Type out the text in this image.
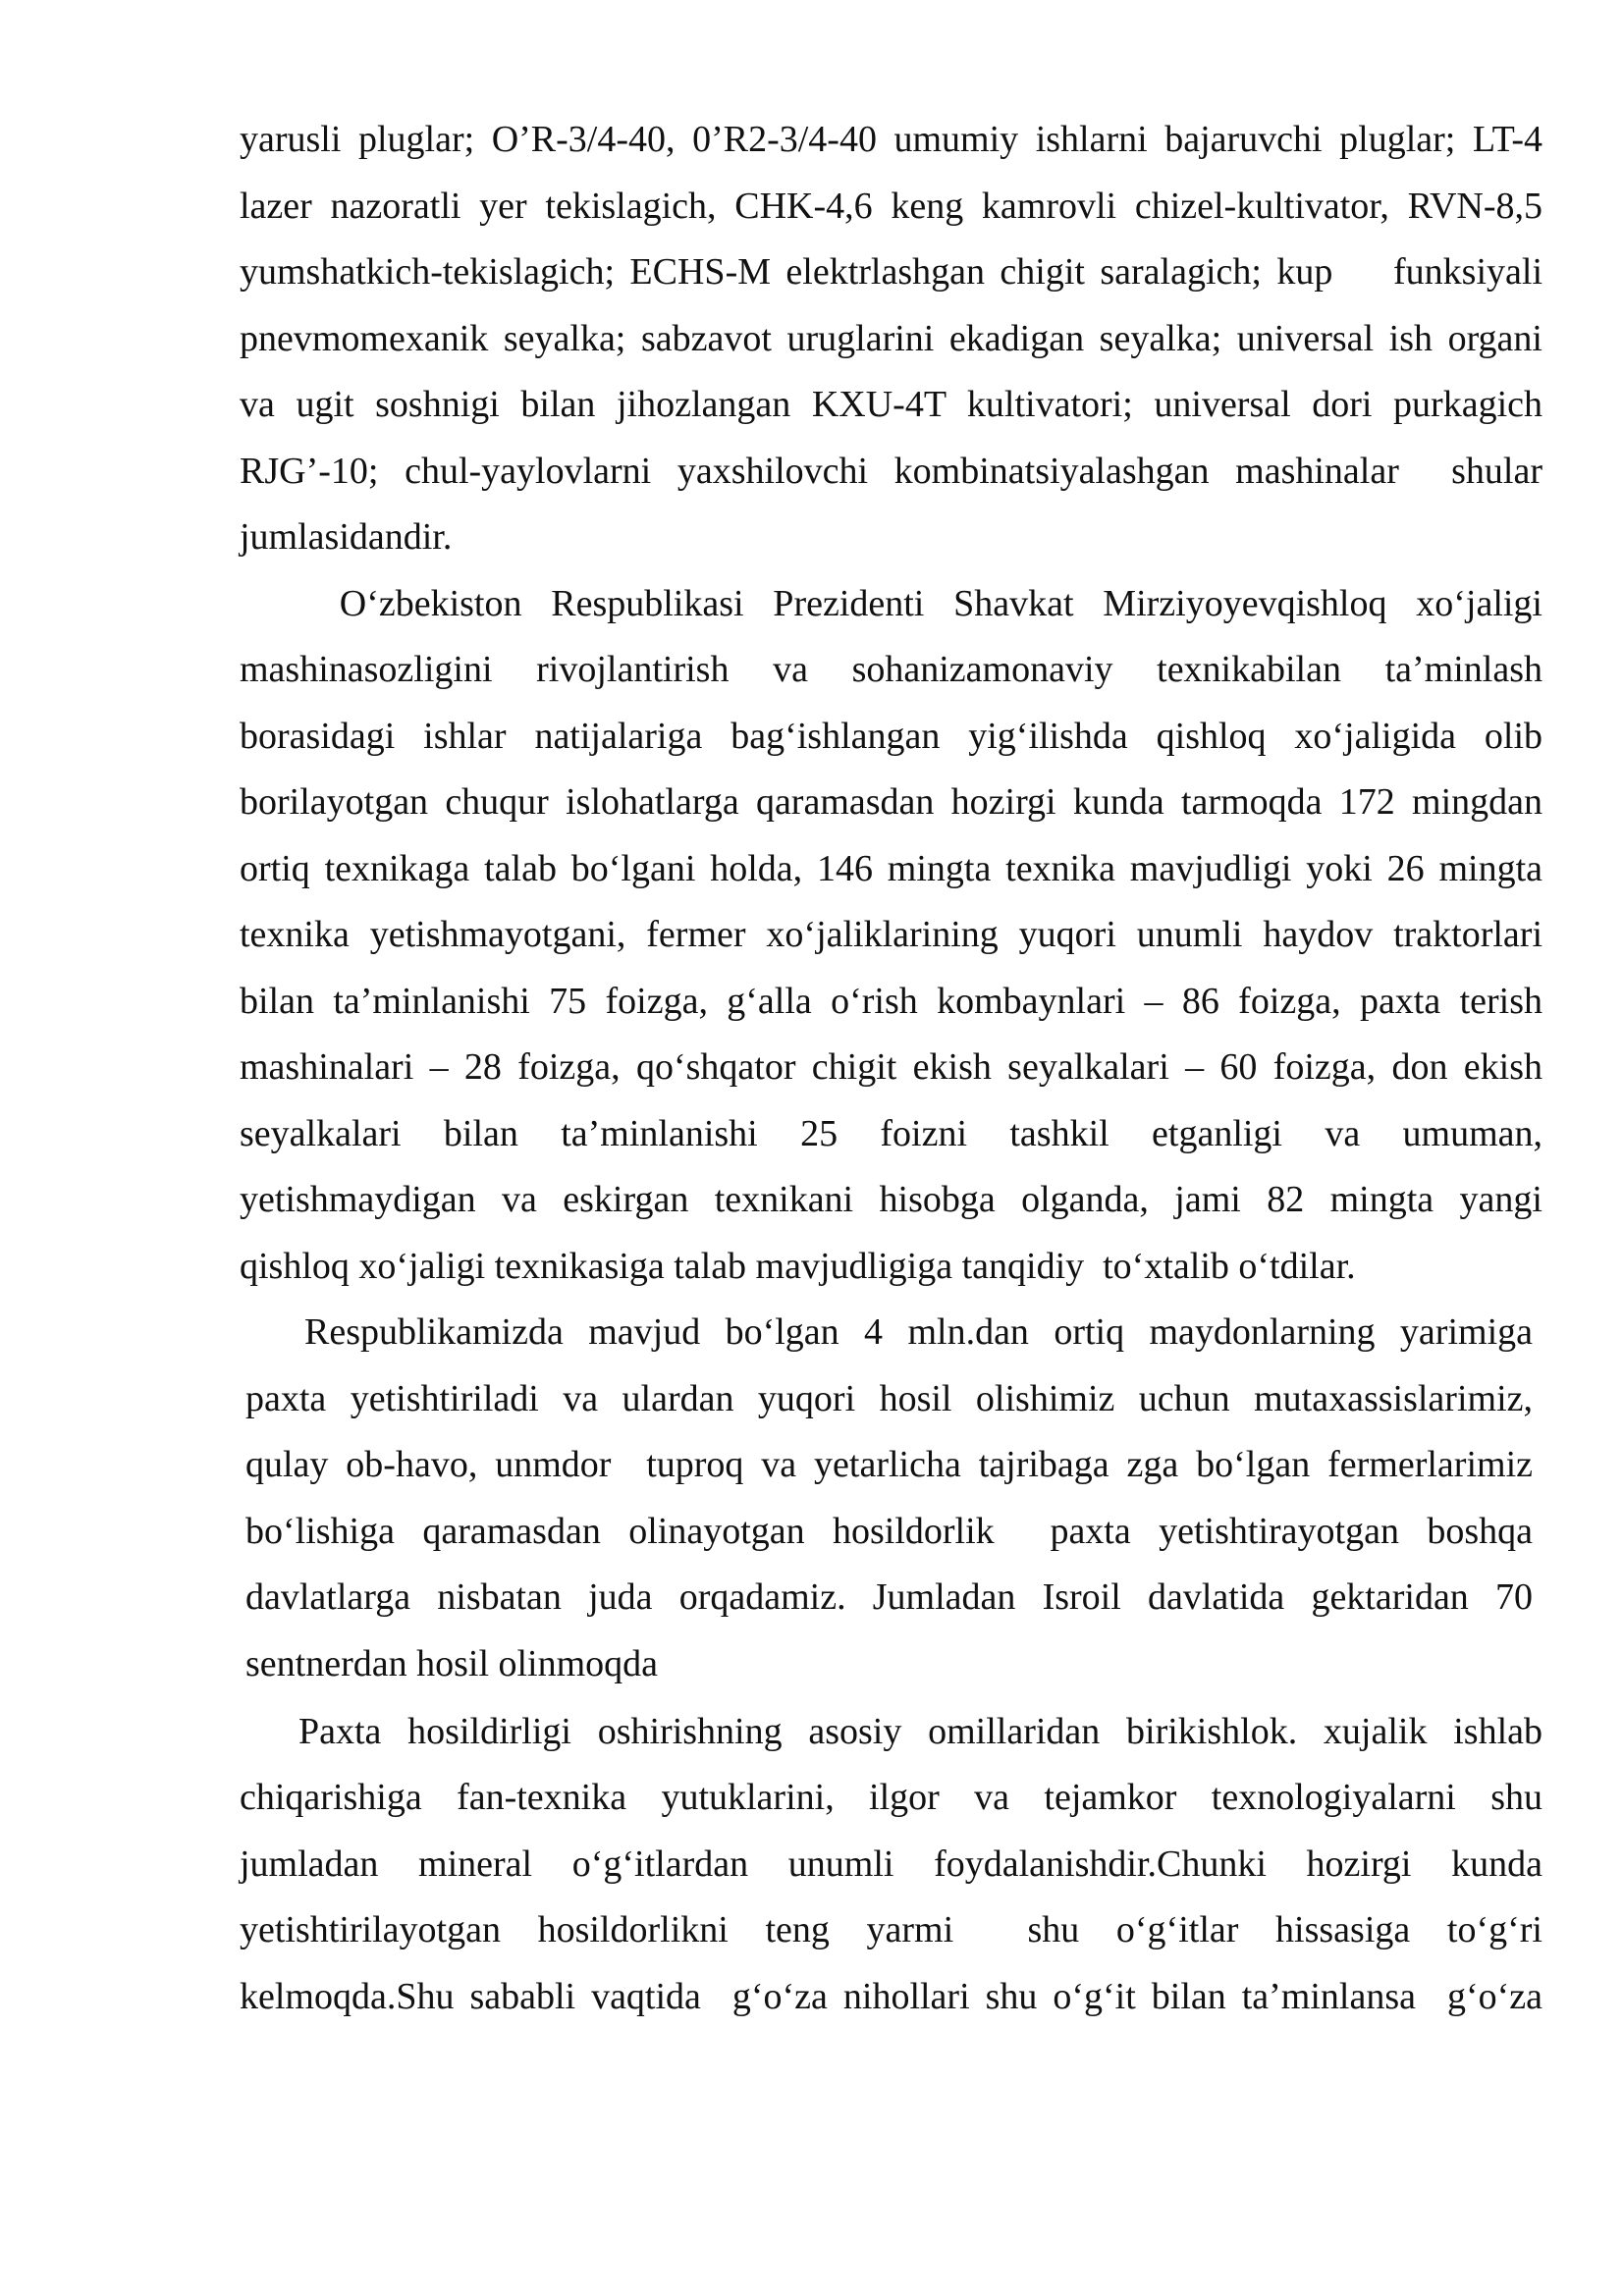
yarusli pluglar; O’R-3/4-40, 0’R2-3/4-40 umumiy ishlarni bajaruvchi pluglar; LT-4
lazer nazoratli yer tekislagich, CHK-4,6 keng kamrovli chizel-kultivator, RVN-8,5
yumshatkich-tekislagich; ECHS-M elektrlashgan chigit saralagich; kup    funksiyali
pnevmomexanik seyalka; sabzavot uruglarini ekadigan seyalka; universal ish organi
va ugit soshnigi bilan jihozlangan KXU-4T kultivatori; universal dori purkagich
RJG’-10; chul-yaylovlarni yaxshilovchi kombinatsiyalashgan mashinalar  shular
jumlasidandir.
O‘zbekiston Respublikasi Prezidenti Shavkat Mirziyoyevqishloq xo‘jaligi
mashinasozligini rivojlantirish va sohanizamonaviy texnikabilan ta’minlash
borasidagi ishlar natijalariga bag‘ishlangan yig‘ilishda qishloq xo‘jaligida olib
borilayotgan chuqur islohatlarga qaramasdan hozirgi kunda tarmoqda 172 mingdan
ortiq texnikaga talab bo‘lgani holda, 146 mingta texnika mavjudligi yoki 26 mingta
texnika yetishmayotgani, fermer xo‘jaliklarining yuqori unumli haydov traktorlari
bilan ta’minlanishi 75 foizga, g‘alla o‘rish kombaynlari – 86 foizga, paxta terish
mashinalari – 28 foizga, qo‘shqator chigit ekish seyalkalari – 60 foizga, don ekish
seyalkalari bilan ta’minlanishi 25 foizni tashkil etganligi va umuman,
yetishmaydigan va eskirgan texnikani hisobga olganda, jami 82 mingta yangi
qishloq xo‘jaligi texnikasiga talab mavjudligiga tanqidiy  to‘xtalib o‘tdilar.
Respublikamizda mavjud bo‘lgan 4 mln.dan ortiq maydonlarning yarimiga
paxta yetishtiriladi va ulardan yuqori hosil olishimiz uchun mutaxassislarimiz,
qulay ob-havo, unmdor  tuproq va yetarlicha tajribaga zga bo‘lgan fermerlarimiz
bo‘lishiga qaramasdan olinayotgan hosildorlik  paxta yetishtirayotgan boshqa
davlatlarga nisbatan juda orqadamiz. Jumladan Isroil davlatida gektaridan 70
sentnerdan hosil olinmoqda
Paxta hosildirligi oshirishning asosiy omillaridan birikishlok. xujalik ishlab
chiqarishiga fan-texnika yutuklarini, ilgor va tejamkor texnologiyalarni shu
jumladan mineral o‘g‘itlardan unumli foydalanishdir.Chunki hozirgi kunda
yetishtirilayotgan hosildorlikni teng yarmi  shu o‘g‘itlar hissasiga to‘g‘ri
kelmoqda.Shu sababli vaqtida  g‘o‘za nihollari shu o‘g‘it bilan ta’minlansa  g‘o‘za
